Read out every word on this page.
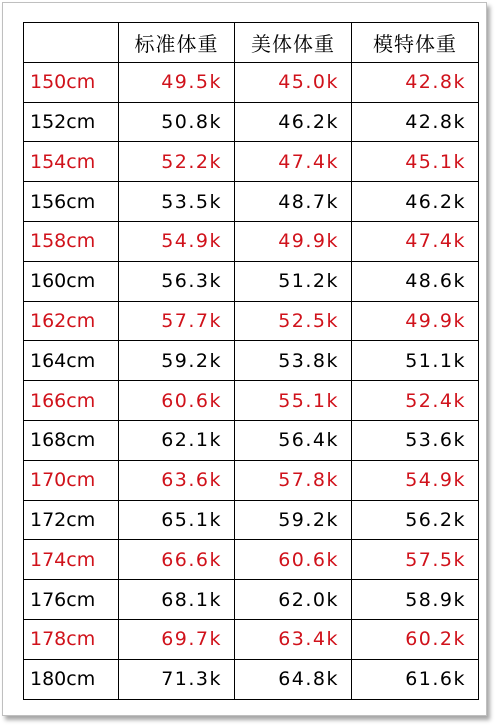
	标准体重	美体体重	模特体重
150cm	49.5k	45.0k	42.8k
152cm	50.8k	46.2k	42.8k
154cm	52.2k	47.4k	45.1k
156cm	53.5k	48.7k	46.2k
158cm	54.9k	49.9k	47.4k
160cm	56.3k	51.2k	48.6k
162cm	57.7k	52.5k	49.9k
164cm	59.2k	53.8k	51.1k
166cm	60.6k	55.1k	52.4k
168cm	62.1k	56.4k	53.6k
170cm	63.6k	57.8k	54.9k
172cm	65.1k	59.2k	56.2k
174cm	66.6k	60.6k	57.5k
176cm	68.1k	62.0k	58.9k
178cm	69.7k	63.4k	60.2k
180cm	71.3k	64.8k	61.6k
